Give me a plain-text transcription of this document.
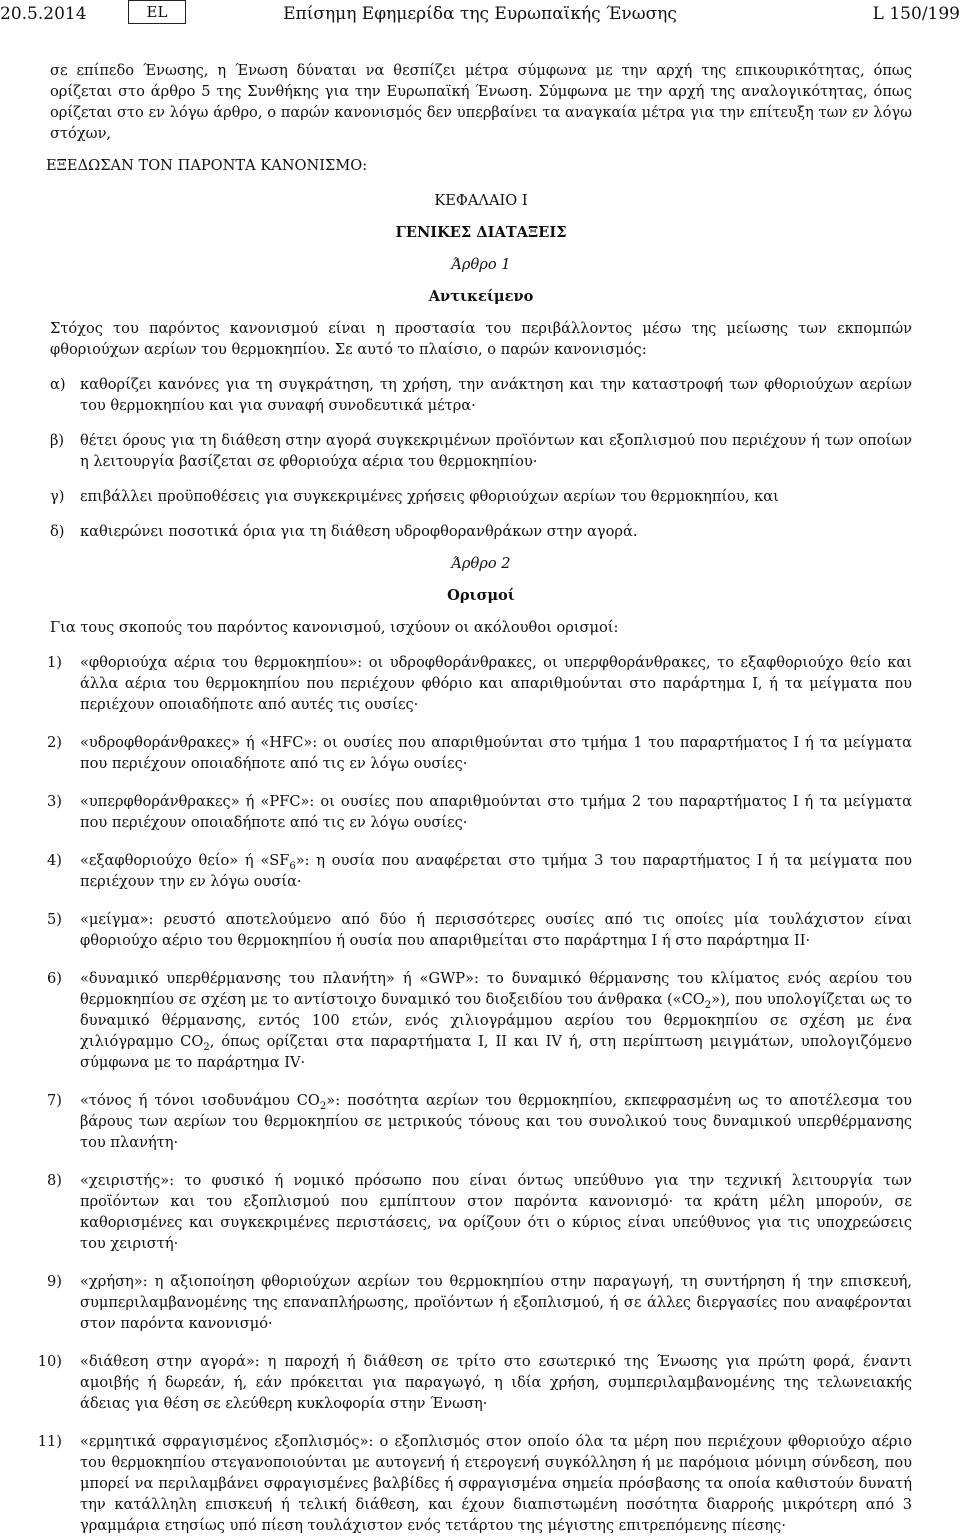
20.5.2014	EL	Επίσημη Εφημερίδα της Ευρωπαϊκής Ένωσης	L 150/199

σε επίπεδο Ένωσης, η Ένωση δύναται να θεσπίζει μέτρα σύμφωνα με την αρχή της επικουρικότητας, όπως ορίζεται στο άρθρο 5 της Συνθήκης για την Ευρωπαϊκή Ένωση. Σύμφωνα με την αρχή της αναλογικότητας, όπως ορίζεται στο εν λόγω άρθρο, ο παρών κανονισμός δεν υπερβαίνει τα αναγκαία μέτρα για την επίτευξη των εν λόγω στόχων,

ΕΞΕΔΩΣΑΝ ΤΟΝ ΠΑΡΟΝΤΑ ΚΑΝΟΝΙΣΜΟ:

ΚΕΦΑΛΑΙΟ I

ΓΕΝΙΚΕΣ ΔΙΑΤΑΞΕΙΣ

Άρθρο 1

Αντικείμενο

Στόχος του παρόντος κανονισμού είναι η προστασία του περιβάλλοντος μέσω της μείωσης των εκπομπών φθοριούχων αερίων του θερμοκηπίου. Σε αυτό το πλαίσιο, ο παρών κανονισμός:

α) καθορίζει κανόνες για τη συγκράτηση, τη χρήση, την ανάκτηση και την καταστροφή των φθοριούχων αερίων του θερμοκηπίου και για συναφή συνοδευτικά μέτρα·
β)	θέτει όρους για τη διάθεση στην αγορά συγκεκριμένων προϊόντων και εξοπλισμού που περιέχουν ή των οποίων η λειτουργία βασίζεται σε φθοριούχα αέρια του θερμοκηπίου·
γ)	επιβάλλει προϋποθέσεις για συγκεκριμένες χρήσεις φθοριούχων αερίων του θερμοκηπίου, και
δ)	καθιερώνει ποσοτικά όρια για τη διάθεση υδροφθορανθράκων στην αγορά.

Άρθρο 2

Ορισμοί

Για τους σκοπούς του παρόντος κανονισμού, ισχύουν οι ακόλουθοι ορισμοί:

1)	«φθοριούχα αέρια του θερμοκηπίου»: οι υδροφθοράνθρακες, οι υπερφθοράνθρακες, το εξαφθοριούχο θείο και άλλα αέρια του θερμοκηπίου που περιέχουν φθόριο και απαριθμούνται στο παράρτημα I, ή τα μείγματα που περιέχουν οποιαδήποτε από αυτές τις ουσίες·
2)	«υδροφθοράνθρακες» ή «HFC»: οι ουσίες που απαριθμούνται στο τμήμα 1 του παραρτήματος I ή τα μείγματα που περιέχουν οποιαδήποτε από τις εν λόγω ουσίες·
3)	«υπερφθοράνθρακες» ή «PFC»: οι ουσίες που απαριθμούνται στο τμήμα 2 του παραρτήματος I ή τα μείγματα που περιέχουν οποιαδήποτε από τις εν λόγω ουσίες·
4)	«εξαφθοριούχο θείο» ή «$SF_6$»: η ουσία που αναφέρεται στο τμήμα 3 του παραρτήματος I ή τα μείγματα που περιέχουν την εν λόγω ουσία·
5)	«μείγμα»: ρευστό αποτελούμενο από δύο ή περισσότερες ουσίες από τις οποίες μία τουλάχιστον είναι φθοριούχο αέριο του θερμοκηπίου ή ουσία που απαριθμείται στο παράρτημα I ή στο παράρτημα II·
6)	«δυναμικό υπερθέρμανσης του πλανήτη» ή «GWP»: το δυναμικό θέρμανσης του κλίματος ενός αερίου του θερμοκηπίου σε σχέση με το αντίστοιχο δυναμικό του διοξειδίου του άνθρακα $(«CO_2»)$, που υπολογίζεται ως το δυναμικό θέρμανσης, εντός 100 ετών, ενός χιλιογράμμου αερίου του θερμοκηπίου σε σχέση με ένα χιλιόγραμμο $CO_2$, όπως ορίζεται στα παραρτήματα I, II και IV ή, στη περίπτωση μειγμάτων, υπολογιζόμενο σύμφωνα με το παράρτημα IV·
7)	«τόνος ή τόνοι ισοδυνάμου $CO_2$»: ποσότητα αερίων του θερμοκηπίου, εκπεφρασμένη ως το αποτέλεσμα του βάρους των αερίων του θερμοκηπίου σε μετρικούς τόνους και του συνολικού τους δυναμικού υπερθέρμανσης του πλανήτη·
8)	«χειριστής»: το φυσικό ή νομικό πρόσωπο που είναι όντως υπεύθυνο για την τεχνική λειτουργία των προϊόντων και του εξοπλισμού που εμπίπτουν στον παρόντα κανονισμό· τα κράτη μέλη μπορούν, σε καθορισμένες και συγκεκριμένες περιστάσεις, να ορίζουν ότι ο κύριος είναι υπεύθυνος για τις υποχρεώσεις του χειριστή·
9)	«χρήση»: η αξιοποίηση φθοριούχων αερίων του θερμοκηπίου στην παραγωγή, τη συντήρηση ή την επισκευή, συμπεριλαμβανομένης της επαναπλήρωσης, προϊόντων ή εξοπλισμού, ή σε άλλες διεργασίες που αναφέρονται στον παρόντα κανονισμό·
10)	«διάθεση στην αγορά»: η παροχή ή διάθεση σε τρίτο στο εσωτερικό της Ένωσης για πρώτη φορά, έναντι αμοιβής ή δωρεάν, ή, εάν πρόκειται για παραγωγό, η ιδία χρήση, συμπεριλαμβανομένης της τελωνειακής άδειας για θέση σε ελεύθερη κυκλοφορία στην Ένωση·
11)	«ερμητικά σφραγισμένος εξοπλισμός»: ο εξοπλισμός στον οποίο όλα τα μέρη που περιέχουν φθοριούχο αέριο του θερμοκηπίου στεγανοποιούνται με αυτογενή ή ετερογενή συγκόλληση ή με παρόμοια μόνιμη σύνδεση, που μπορεί να περιλαμβάνει σφραγισμένες βαλβίδες ή σφραγισμένα σημεία πρόσβασης τα οποία καθιστούν δυνατή την κατάλληλη επισκευή ή τελική διάθεση, και έχουν διαπιστωμένη ποσότητα διαρροής μικρότερη από 3 γραμμάρια ετησίως υπό πίεση τουλάχιστον ενός τετάρτου της μέγιστης επιτρεπόμενης πίεσης·
